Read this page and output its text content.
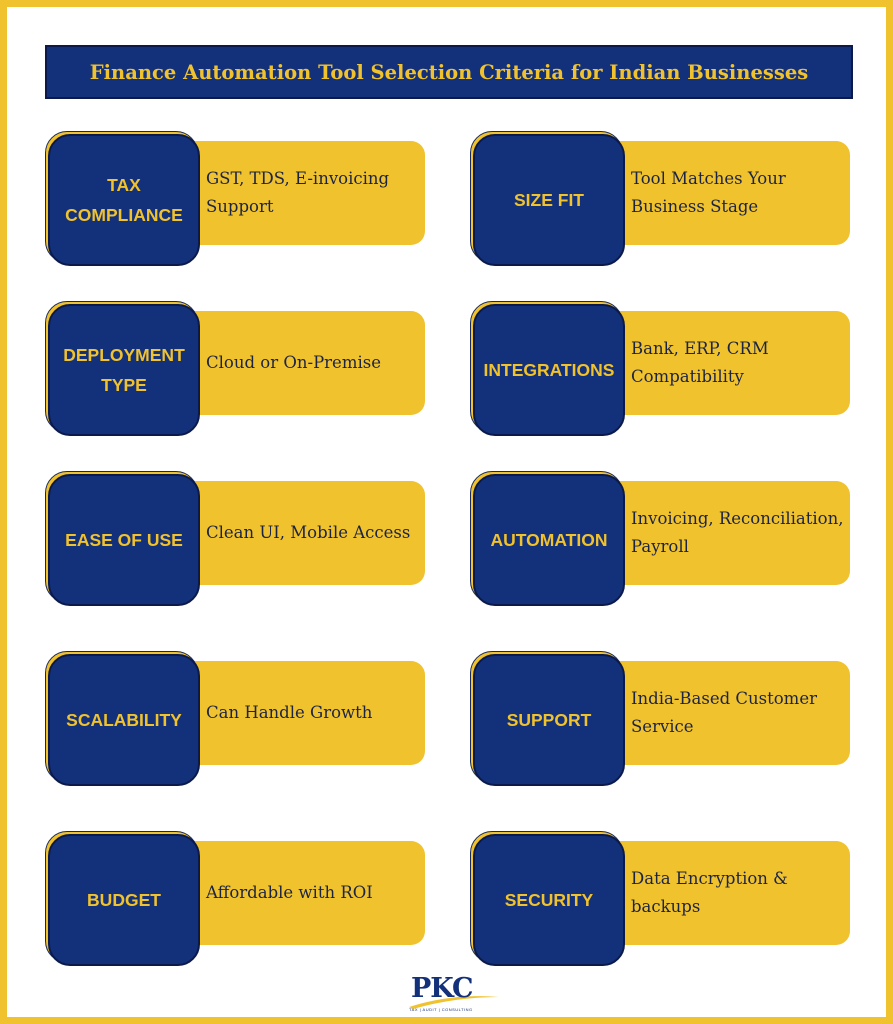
Finance Automation Tool Selection Criteria for Indian Businesses
TAX COMPLIANCE
GST, TDS, E-invoicing Support	SIZE FIT
Tool Matches Your Business Stage
DEPLOYMENT TYPE
Cloud or On-Premise	INTEGRATIONS
Bank, ERP, CRM Compatibility
EASE OF USE Clean UI, Mobile Access	AUTOMATION
Invoicing, Reconciliation, Payroll
SCALABILITY Can Handle Growth	SUPPORT
India-Based Customer Service
BUDGET	Affordable with ROI	SECURITY
Data Encryption & backups
PKC
TAX | AUDIT | CONSULTING
